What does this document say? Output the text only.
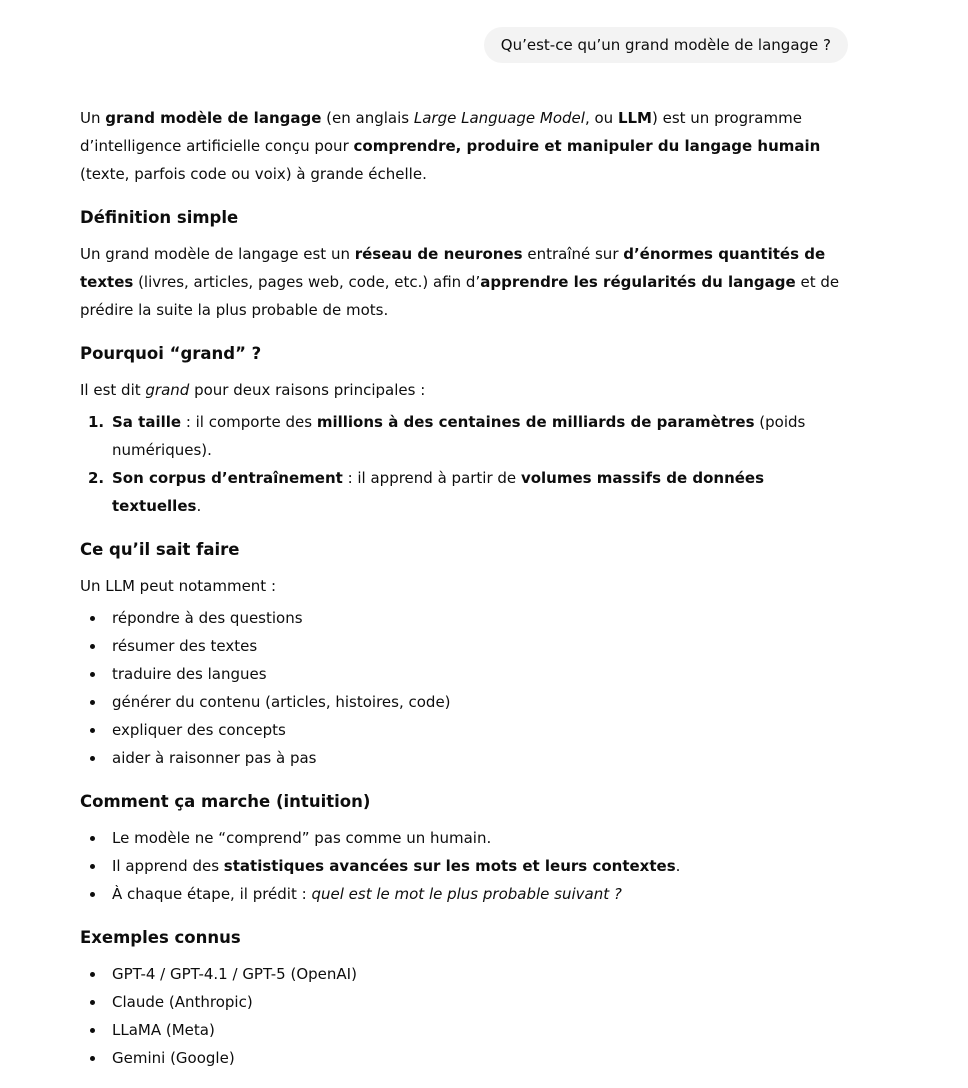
Qu’est-ce qu’un grand modèle de langage ?

Un grand modèle de langage (en anglais Large Language Model, ou LLM) est un programme d’intelligence artificielle conçu pour comprendre, produire et manipuler du langage humain (texte, parfois code ou voix) à grande échelle.

Définition simple

Un grand modèle de langage est un réseau de neurones entraîné sur d’énormes quantités de textes (livres, articles, pages web, code, etc.) afin d’apprendre les régularités du langage et de prédire la suite la plus probable de mots.

Pourquoi “grand” ?

Il est dit grand pour deux raisons principales :

1. Sa taille : il comporte des millions à des centaines de milliards de paramètres (poids numériques).
2. Son corpus d’entraînement : il apprend à partir de volumes massifs de données textuelles.
Ce qu’il sait faire

Un LLM peut notamment :

répondre à des questions
résumer des textes
traduire des langues
générer du contenu (articles, histoires, code)
expliquer des concepts
aider à raisonner pas à pas
Comment ça marche (intuition)
Le modèle ne “comprend” pas comme un humain.
Il apprend des statistiques avancées sur les mots et leurs contextes.
À chaque étape, il prédit : quel est le mot le plus probable suivant ?
Exemples connus
GPT-4 / GPT-4.1 / GPT-5 (OpenAI)
Claude (Anthropic)
LLaMA (Meta)
Gemini (Google)
